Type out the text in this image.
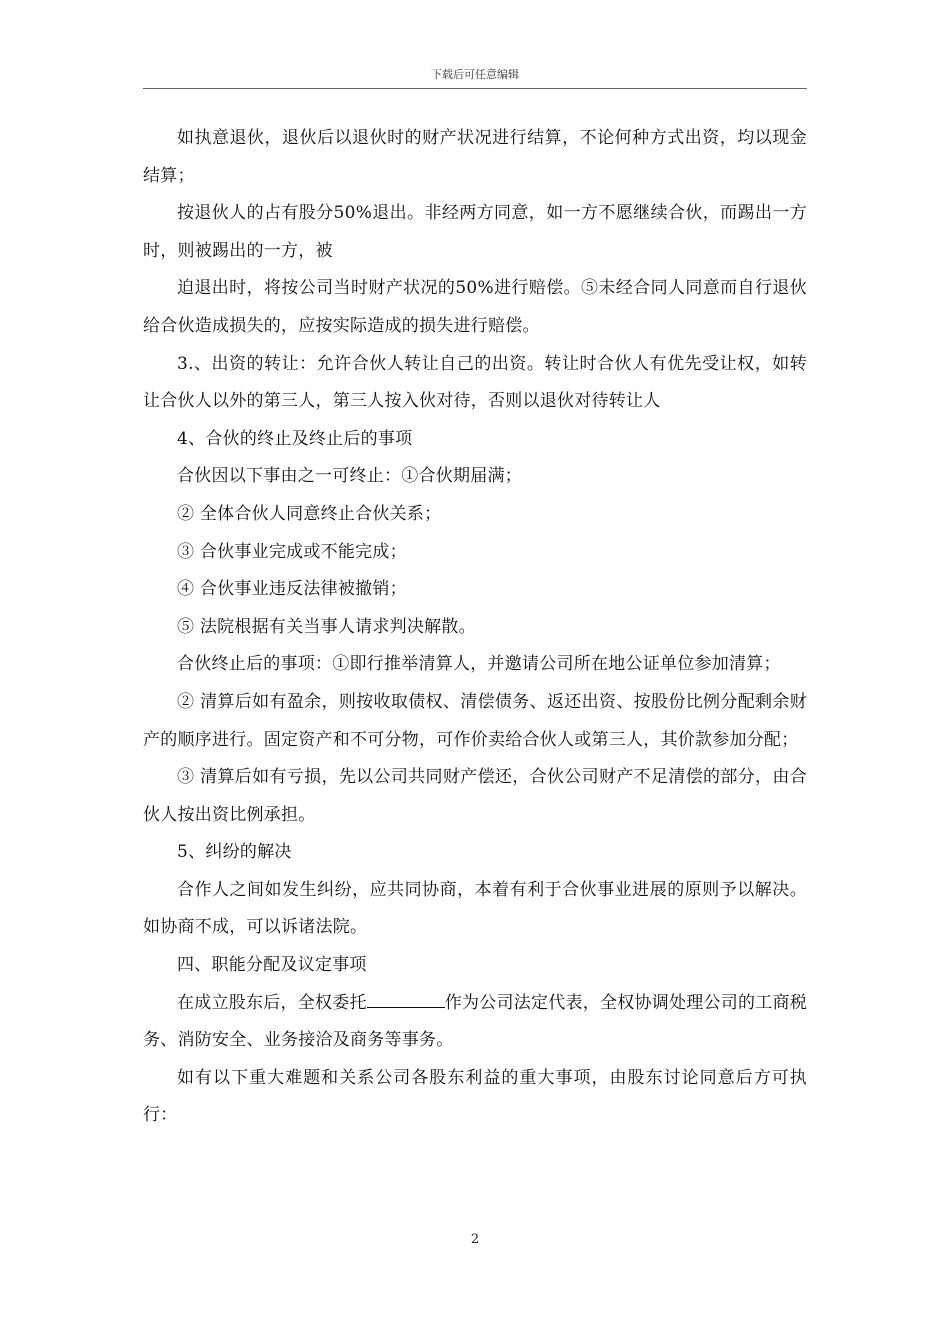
下载后可任意编辑

如执意退伙，退伙后以退伙时的财产状况进行结算，不论何种方式出资，均以现金结算；

按退伙人的占有股分50%退出。非经两方同意，如一方不愿继续合伙，而踢出一方时，则被踢出的一方，被

迫退出时，将按公司当时财产状况的50%进行赔偿。⑤未经合同人同意而自行退伙给合伙造成损失的，应按实际造成的损失进行赔偿。

3.、出资的转让：允许合伙人转让自己的出资。转让时合伙人有优先受让权，如转让合伙人以外的第三人，第三人按入伙对待，否则以退伙对待转让人

4、合伙的终止及终止后的事项

合伙因以下事由之一可终止：①合伙期届满；

② 全体合伙人同意终止合伙关系；

③ 合伙事业完成或不能完成；

④ 合伙事业违反法律被撤销；

⑤ 法院根据有关当事人请求判决解散。

合伙终止后的事项：①即行推举清算人，并邀请公司所在地公证单位参加清算；

② 清算后如有盈余，则按收取债权、清偿债务、返还出资、按股份比例分配剩余财产的顺序进行。固定资产和不可分物，可作价卖给合伙人或第三人，其价款参加分配；

③ 清算后如有亏损，先以公司共同财产偿还，合伙公司财产不足清偿的部分，由合伙人按出资比例承担。

5、纠纷的解决

合作人之间如发生纠纷，应共同协商，本着有利于合伙事业进展的原则予以解决。如协商不成，可以诉诸法院。

四、职能分配及议定事项

在成立股东后，全权委托	作为公司法定代表，全权协调处理公司的工商税务、消防安全、业务接洽及商务等事务。

如有以下重大难题和关系公司各股东利益的重大事项，由股东讨论同意后方可执行：

2
